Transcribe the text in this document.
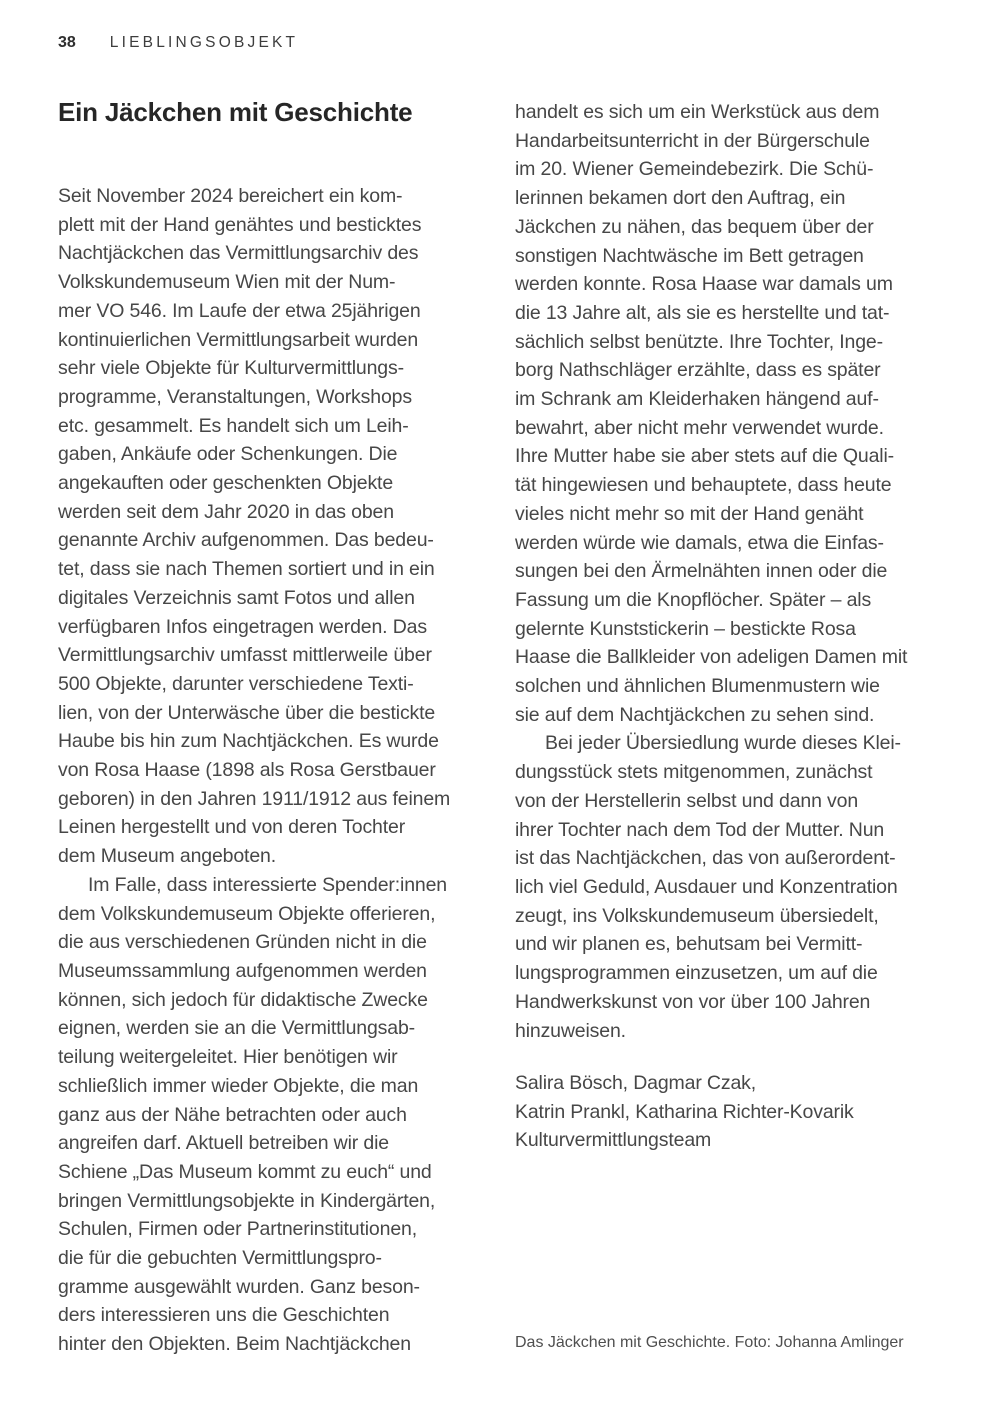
38 LIEBLINGSOBJEKT
Ein Jäckchen mit Geschichte
Seit November 2024 bereichert ein kom-
plett mit der Hand genähtes und besticktes
Nachtjäckchen das Vermittlungsarchiv des
Volkskundemuseum Wien mit der Num-
mer VO 546. Im Laufe der etwa 25jährigen
kontinuierlichen Vermittlungsarbeit wurden
sehr viele Objekte für Kulturvermittlungs-
programme, Veranstaltungen, Workshops
etc. gesammelt. Es handelt sich um Leih-
gaben, Ankäufe oder Schenkungen. Die
angekauften oder geschenkten Objekte
werden seit dem Jahr 2020 in das oben
genannte Archiv aufgenommen. Das bedeu-
tet, dass sie nach Themen sortiert und in ein
digitales Verzeichnis samt Fotos und allen
verfügbaren Infos eingetragen werden. Das
Vermittlungsarchiv umfasst mittlerweile über
500 Objekte, darunter verschiedene Texti-
lien, von der Unterwäsche über die bestickte
Haube bis hin zum Nachtjäckchen. Es wurde
von Rosa Haase (1898 als Rosa Gerstbauer
geboren) in den Jahren 1911/1912 aus feinem
Leinen hergestellt und von deren Tochter
dem Museum angeboten.
Im Falle, dass interessierte Spender:innen
dem Volkskundemuseum Objekte offerieren,
die aus verschiedenen Gründen nicht in die
Museumssammlung aufgenommen werden
können, sich jedoch für didaktische Zwecke
eignen, werden sie an die Vermittlungsab-
teilung weitergeleitet. Hier benötigen wir
schließlich immer wieder Objekte, die man
ganz aus der Nähe betrachten oder auch
angreifen darf. Aktuell betreiben wir die
Schiene „Das Museum kommt zu euch“ und
bringen Vermittlungsobjekte in Kindergärten,
Schulen, Firmen oder Partnerinstitutionen,
die für die gebuchten Vermittlungspro-
gramme ausgewählt wurden. Ganz beson-
ders interessieren uns die Geschichten
hinter den Objekten. Beim Nachtjäckchen
handelt es sich um ein Werkstück aus dem
Handarbeitsunterricht in der Bürgerschule
im 20. Wiener Gemeindebezirk. Die Schü-
lerinnen bekamen dort den Auftrag, ein
Jäckchen zu nähen, das bequem über der
sonstigen Nachtwäsche im Bett getragen
werden konnte. Rosa Haase war damals um
die 13 Jahre alt, als sie es herstellte und tat-
sächlich selbst benützte. Ihre Tochter, Inge-
borg Nathschläger erzählte, dass es später
im Schrank am Kleiderhaken hängend auf-
bewahrt, aber nicht mehr verwendet wurde.
Ihre Mutter habe sie aber stets auf die Quali-
tät hingewiesen und behauptete, dass heute
vieles nicht mehr so mit der Hand genäht
werden würde wie damals, etwa die Einfas-
sungen bei den Ärmelnähten innen oder die
Fassung um die Knopflöcher. Später – als
gelernte Kunststickerin – bestickte Rosa
Haase die Ballkleider von adeligen Damen mit
solchen und ähnlichen Blumenmustern wie
sie auf dem Nachtjäckchen zu sehen sind.
Bei jeder Übersiedlung wurde dieses Klei-
dungsstück stets mitgenommen, zunächst
von der Herstellerin selbst und dann von
ihrer Tochter nach dem Tod der Mutter. Nun
ist das Nachtjäckchen, das von außerordent-
lich viel Geduld, Ausdauer und Konzentration
zeugt, ins Volkskundemuseum übersiedelt,
und wir planen es, behutsam bei Vermitt-
lungsprogrammen einzusetzen, um auf die
Handwerkskunst von vor über 100 Jahren
hinzuweisen.
Salira Bösch, Dagmar Czak,
Katrin Prankl, Katharina Richter-Kovarik
Kulturvermittlungsteam
Das Jäckchen mit Geschichte. Foto: Johanna Amlinger
